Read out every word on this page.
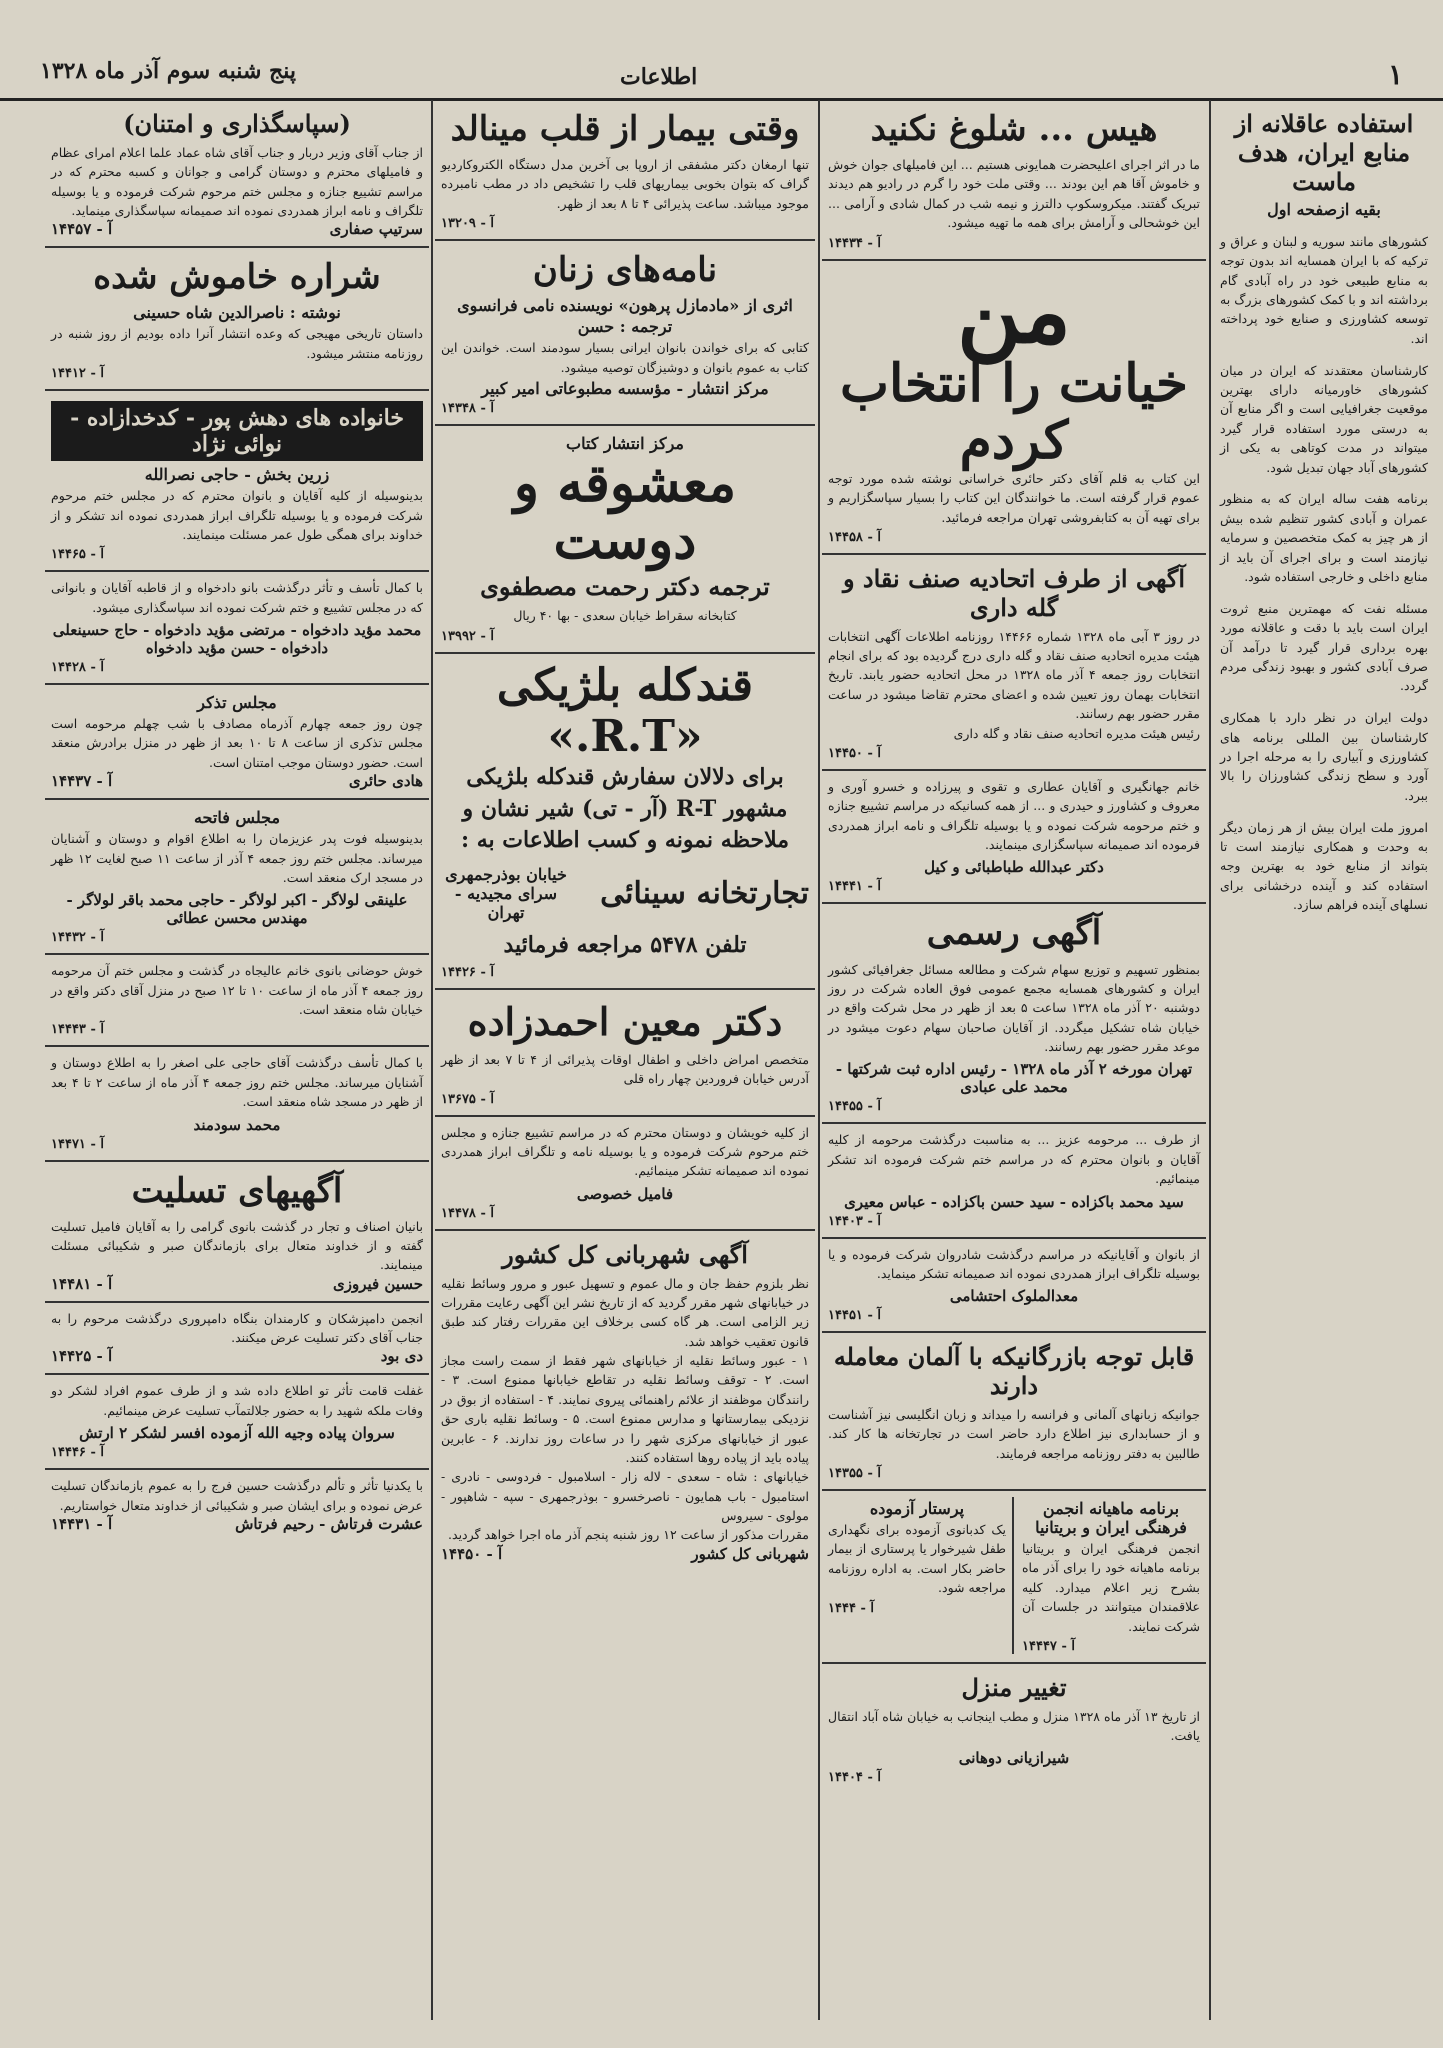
۱
اطلاعات
پنج شنبه سوم آذر ماه ۱۳۲۸
استفاده عاقلانه از منابع ایران، هدف ماست
بقیه ازصفحه اول

کشورهای مانند سوریه و لبنان و عراق و ترکیه که با ایران همسایه اند بدون توجه به منابع طبیعی خود در راه آبادی گام برداشته اند و با کمک کشورهای بزرگ به توسعه کشاورزی و صنایع خود پرداخته اند.

کارشناسان معتقدند که ایران در میان کشورهای خاورمیانه دارای بهترین موقعیت جغرافیایی است و اگر منابع آن به درستی مورد استفاده قرار گیرد میتواند در مدت کوتاهی به یکی از کشورهای آباد جهان تبدیل شود.

برنامه هفت ساله ایران که به منظور عمران و آبادی کشور تنظیم شده بیش از هر چیز به کمک متخصصین و سرمایه نیازمند است و برای اجرای آن باید از منابع داخلی و خارجی استفاده شود.

مسئله نفت که مهمترین منبع ثروت ایران است باید با دقت و عاقلانه مورد بهره برداری قرار گیرد تا درآمد آن صرف آبادی کشور و بهبود زندگی مردم گردد.

دولت ایران در نظر دارد با همکاری کارشناسان بین المللی برنامه های کشاورزی و آبیاری را به مرحله اجرا در آورد و سطح زندگی کشاورزان را بالا ببرد.

امروز ملت ایران بیش از هر زمان دیگر به وحدت و همکاری نیازمند است تا بتواند از منابع خود به بهترین وجه استفاده کند و آینده درخشانی برای نسلهای آینده فراهم سازد.

هیس ... شلوغ نکنید
ما در اثر اجرای اعلیحضرت همایونی هستیم ... این فامیلهای جوان خوش و خاموش آقا هم این بودند ... وقتی ملت خود را گرم در رادیو هم دیدند تبریک گفتند. میکروسکوپ دالترز و نیمه شب در کمال شادی و آرامی ... این خوشحالی و آرامش برای همه ما تهیه میشود.
آ - ۱۴۴۳۴
من
خیانت را انتخاب کردم
این کتاب به قلم آقای دکتر حائری خراسانی نوشته شده مورد توجه عموم قرار گرفته است. ما خوانندگان این کتاب را بسیار سپاسگزاریم و برای تهیه آن به کتابفروشی تهران مراجعه فرمائید.
آ - ۱۴۴۵۸
آگهی از طرف اتحادیه صنف نقاد و گله داری
در روز ۳ آبی ماه ۱۳۲۸ شماره ۱۴۴۶۶ روزنامه اطلاعات آگهی انتخابات هیئت مدیره اتحادیه صنف نقاد و گله داری درج گردیده بود که برای انجام انتخابات روز جمعه ۴ آذر ماه ۱۳۲۸ در محل اتحادیه حضور یابند. تاریخ انتخابات بهمان روز تعیین شده و اعضای محترم تقاضا میشود در ساعت مقرر حضور بهم رسانند.
رئیس هیئت مدیره اتحادیه صنف نقاد و گله داری
آ - ۱۴۴۵۰
خانم جهانگیری و آقایان عطاری و تقوی و پیرزاده و خسرو آوری و معروف و کشاورز و حیدری و ... از همه کسانیکه در مراسم تشییع جنازه و ختم مرحومه شرکت نموده و یا بوسیله تلگراف و نامه ابراز همدردی فرموده اند صمیمانه سپاسگزاری مینمایند.
دکتر عبدالله طباطبائی و کیل
آ - ۱۴۴۴۱
آگهی رسمی
بمنظور تسهیم و توزیع سهام شرکت و مطالعه مسائل جغرافیائی کشور ایران و کشورهای همسایه مجمع عمومی فوق العاده شرکت در روز دوشنبه ۲۰ آذر ماه ۱۳۲۸ ساعت ۵ بعد از ظهر در محل شرکت واقع در خیابان شاه تشکیل میگردد. از آقایان صاحبان سهام دعوت میشود در موعد مقرر حضور بهم رسانند.
تهران مورخه ۲ آذر ماه ۱۳۲۸ - رئیس اداره ثبت شرکتها - محمد علی عبادی
آ - ۱۴۴۵۵
از طرف ... مرحومه عزیز ... به مناسبت درگذشت مرحومه از کلیه آقایان و بانوان محترم که در مراسم ختم شرکت فرموده اند تشکر مینمائیم.
سید محمد باکزاده - سید حسن باکزاده - عباس معیری
آ - ۱۴۴۰۳
از بانوان و آقایانیکه در مراسم درگذشت شادروان شرکت فرموده و یا بوسیله تلگراف ابراز همدردی نموده اند صمیمانه تشکر مینماید.
معدالملوک احتشامی
آ - ۱۴۴۵۱
قابل توجه بازرگانیکه با آلمان معامله دارند
جوانیکه زبانهای آلمانی و فرانسه را میداند و زبان انگلیسی نیز آشناست و از حسابداری نیز اطلاع دارد حاضر است در تجارتخانه ها کار کند. طالبین به دفتر روزنامه مراجعه فرمایند.
آ - ۱۴۳۵۵
برنامه ماهیانه انجمن فرهنگی ایران و بریتانیا
انجمن فرهنگی ایران و بریتانیا برنامه ماهیانه خود را برای آذر ماه بشرح زیر اعلام میدارد. کلیه علاقمندان میتوانند در جلسات آن شرکت نمایند.
آ - ۱۴۴۴۷
پرستار آزموده
یک کدبانوی آزموده برای نگهداری طفل شیرخوار یا پرستاری از بیمار حاضر بکار است. به اداره روزنامه مراجعه شود.
آ - ۱۴۴۴
تغییر منزل
از تاریخ ۱۳ آذر ماه ۱۳۲۸ منزل و مطب اینجانب به خیابان شاه آباد انتقال یافت.
شیرازیانی دوهانی
آ - ۱۴۴۰۴
وقتی بیمار از قلب مینالد
تنها ارمغان دکتر مشفقی از اروپا بی آخرین مدل دستگاه الکتروکاردیو گراف که بتوان بخوبی بیماریهای قلب را تشخیص داد در مطب نامبرده موجود میباشد. ساعت پذیرائی ۴ تا ۸ بعد از ظهر.
آ - ۱۳۲۰۹
نامه‌های زنان
اثری از «مادمازل پرهون» نویسنده نامی فرانسوی
ترجمه : حسن
کتابی که برای خواندن بانوان ایرانی بسیار سودمند است. خواندن این کتاب به عموم بانوان و دوشیزگان توصیه میشود.
مرکز انتشار - مؤسسه مطبوعاتی امیر کبیر
آ - ۱۴۳۴۸
مرکز انتشار کتاب
معشوقه و دوست
ترجمه دکتر رحمت مصطفوی
کتابخانه سقراط خیابان سعدی - بها ۴۰ ریال
آ - ۱۳۹۹۲
قندکله بلژیکی «R.T.»
برای دلالان سفارش قندکله بلژیکی
مشهور R-T (آر - تی) شیر نشان و
ملاحظه نمونه و کسب اطلاعات به :
تجارتخانه سینائی
خیابان بوذرجمهری سرای مجیدیه - تهران
تلفن ۵۴۷۸ مراجعه فرمائید
آ - ۱۴۴۲۶
دکتر معین احمدزاده
متخصص امراض داخلی و اطفال اوقات پذیرائی از ۴ تا ۷ بعد از ظهر آدرس خیابان فروردین چهار راه قلی
آ - ۱۳۶۷۵
از کلیه خویشان و دوستان محترم که در مراسم تشییع جنازه و مجلس ختم مرحوم شرکت فرموده و یا بوسیله نامه و تلگراف ابراز همدردی نموده اند صمیمانه تشکر مینمائیم.
فامیل خصوصی
آ - ۱۴۴۷۸
آگهی شهربانی کل کشور
نظر بلزوم حفظ جان و مال عموم و تسهیل عبور و مرور وسائط نقلیه در خیابانهای شهر مقرر گردید که از تاریخ نشر این آگهی رعایت مقررات زیر الزامی است. هر گاه کسی برخلاف این مقررات رفتار کند طبق قانون تعقیب خواهد شد.
۱ - عبور وسائط نقلیه از خیابانهای شهر فقط از سمت راست مجاز است. ۲ - توقف وسائط نقلیه در تقاطع خیابانها ممنوع است. ۳ - رانندگان موظفند از علائم راهنمائی پیروی نمایند. ۴ - استفاده از بوق در نزدیکی بیمارستانها و مدارس ممنوع است. ۵ - وسائط نقلیه باری حق عبور از خیابانهای مرکزی شهر را در ساعات روز ندارند. ۶ - عابرین پیاده باید از پیاده روها استفاده کنند.
خیابانهای : شاه - سعدی - لاله زار - اسلامبول - فردوسی - نادری - استامبول - باب همایون - ناصرخسرو - بوذرجمهری - سپه - شاهپور - مولوی - سیروس
مقررات مذکور از ساعت ۱۲ روز شنبه پنجم آذر ماه اجرا خواهد گردید.
شهربانی کل کشور
آ - ۱۴۴۵۰
(سپاسگذاری و امتنان)
از جناب آقای وزیر دربار و جناب آقای شاه عماد علما اعلام امرای عظام و فامیلهای محترم و دوستان گرامی و جوانان و کسبه محترم که در مراسم تشییع جنازه و مجلس ختم مرحوم شرکت فرموده و یا بوسیله تلگراف و نامه ابراز همدردی نموده اند صمیمانه سپاسگذاری مینماید.
سرتیپ صفاری
آ - ۱۴۴۵۷
شراره خاموش شده
نوشته : ناصرالدین شاه حسینی
داستان تاریخی مهیجی که وعده انتشار آنرا داده بودیم از روز شنبه در روزنامه منتشر میشود.
آ - ۱۴۴۱۲
خانواده های دهش پور - کدخدازاده - نوائی نژاد
زرین بخش - حاجی نصرالله
بدینوسیله از کلیه آقایان و بانوان محترم که در مجلس ختم مرحوم شرکت فرموده و یا بوسیله تلگراف ابراز همدردی نموده اند تشکر و از خداوند برای همگی طول عمر مسئلت مینمایند.
آ - ۱۴۴۶۵
با کمال تأسف و تأثر درگذشت بانو دادخواه و از قاطبه آقایان و بانوانی که در مجلس تشییع و ختم شرکت نموده اند سپاسگذاری میشود.
محمد مؤید دادخواه - مرتضی مؤید دادخواه - حاج حسینعلی دادخواه - حسن مؤید دادخواه
آ - ۱۴۴۲۸
مجلس تذکر
چون روز جمعه چهارم آذرماه مصادف با شب چهلم مرحومه است مجلس تذکری از ساعت ۸ تا ۱۰ بعد از ظهر در منزل برادرش منعقد است. حضور دوستان موجب امتنان است.
هادی حائری
آ - ۱۴۴۳۷
مجلس فاتحه
بدینوسیله فوت پدر عزیزمان را به اطلاع اقوام و دوستان و آشنایان میرساند. مجلس ختم روز جمعه ۴ آذر از ساعت ۱۱ صبح لغایت ۱۲ ظهر در مسجد ارک منعقد است.
علینقی لولاگر - اکبر لولاگر - حاجی محمد باقر لولاگر - مهندس محسن عطائی
آ - ۱۴۴۳۲
خوش حوضانی بانوی خانم عالیجاه در گذشت و مجلس ختم آن مرحومه روز جمعه ۴ آذر ماه از ساعت ۱۰ تا ۱۲ صبح در منزل آقای دکتر واقع در خیابان شاه منعقد است.
آ - ۱۴۴۴۳
با کمال تأسف درگذشت آقای حاجی علی اصغر را به اطلاع دوستان و آشنایان میرساند. مجلس ختم روز جمعه ۴ آذر ماه از ساعت ۲ تا ۴ بعد از ظهر در مسجد شاه منعقد است.
محمد سودمند
آ - ۱۴۴۷۱
آگهیهای تسلیت
بانیان اصناف و تجار در گذشت بانوی گرامی را به آقایان فامیل تسلیت گفته و از خداوند متعال برای بازماندگان صبر و شکیبائی مسئلت مینمایند.
حسین فیروزی
آ - ۱۴۴۸۱
انجمن دامپزشکان و کارمندان بنگاه دامپروری درگذشت مرحوم را به جناب آقای دکتر تسلیت عرض میکنند.
دی بود
آ - ۱۴۴۲۵
غفلت قامت تأثر تو اطلاع داده شد و از طرف عموم افراد لشکر دو وفات ملکه شهید را به حضور جلالتمآب تسلیت عرض مینمائیم.
سروان پیاده وجیه الله آزموده افسر لشکر ۲ ارتش
آ - ۱۴۴۴۶
با یکدنیا تأثر و تألم درگذشت حسین فرج را به عموم بازماندگان تسلیت عرض نموده و برای ایشان صبر و شکیبائی از خداوند متعال خواستاریم.
عشرت فرتاش - رحیم فرتاش
آ - ۱۴۴۳۱
